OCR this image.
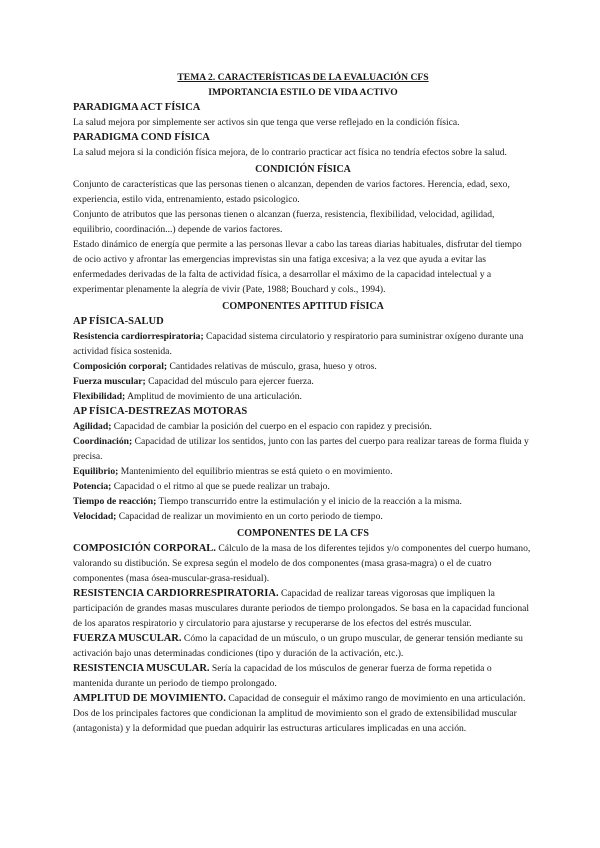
TEMA 2. CARACTERÍSTICAS DE LA EVALUACIÓN CFS
IMPORTANCIA ESTILO DE VIDA ACTIVO
PARADIGMA ACT FÍSICA

La salud mejora por simplemente ser activos sin que tenga que verse reflejado en la condición física.

PARADIGMA COND FÍSICA

La salud mejora si la condición física mejora, de lo contrario practicar act física no tendría efectos sobre la salud.

CONDICIÓN FÍSICA

Conjunto de características que las personas tienen o alcanzan, dependen de varios factores. Herencia, edad, sexo, experiencia, estilo vida, entrenamiento, estado psicologico.

Conjunto de atributos que las personas tienen o alcanzan (fuerza, resistencia, flexibilidad, velocidad, agilidad, equilibrio, coordinación...) depende de varios factores.

Estado dinámico de energía que permite a las personas llevar a cabo las tareas diarias habituales, disfrutar del tiempo de ocio activo y afrontar las emergencias imprevistas sin una fatiga excesiva; a la vez que ayuda a evitar las enfermedades derivadas de la falta de actividad física, a desarrollar el máximo de la capacidad intelectual y a experimentar plenamente la alegría de vivir (Pate, 1988; Bouchard y cols., 1994).

COMPONENTES APTITUD FÍSICA
AP FÍSICA-SALUD

Resistencia cardiorrespiratoria; Capacidad sistema circulatorio y respiratorio para suministrar oxígeno durante una actividad física sostenida.

Composición corporal; Cantidades relativas de músculo, grasa, hueso y otros.

Fuerza muscular; Capacidad del músculo para ejercer fuerza.

Flexibilidad; Amplitud de movimiento de una articulación.

AP FÍSICA-DESTREZAS MOTORAS

Agilidad; Capacidad de cambiar la posición del cuerpo en el espacio con rapidez y precisión.

Coordinación; Capacidad de utilizar los sentidos, junto con las partes del cuerpo para realizar tareas de forma fluida y precisa.

Equilibrio; Mantenimiento del equilibrio mientras se está quieto o en movimiento.

Potencia; Capacidad o el ritmo al que se puede realizar un trabajo.

Tiempo de reacción; Tiempo transcurrido entre la estimulación y el inicio de la reacción a la misma.

Velocidad; Capacidad de realizar un movimiento en un corto periodo de tiempo.

COMPONENTES DE LA CFS

COMPOSICIÓN CORPORAL. Cálculo de la masa de los diferentes tejidos y/o componentes del cuerpo humano, valorando su distibución. Se expresa según el modelo de dos componentes (masa grasa-magra) o el de cuatro componentes (masa ósea-muscular-grasa-residual).

RESISTENCIA CARDIORRESPIRATORIA. Capacidad de realizar tareas vigorosas que impliquen la participación de grandes masas musculares durante periodos de tiempo prolongados. Se basa en la capacidad funcional de los aparatos respiratorio y circulatorio para ajustarse y recuperarse de los efectos del estrés muscular.

FUERZA MUSCULAR. Cómo la capacidad de un músculo, o un grupo muscular, de generar tensión mediante su activación bajo unas determinadas condiciones (tipo y duración de la activación, etc.).

RESISTENCIA MUSCULAR. Sería la capacidad de los músculos de generar fuerza de forma repetida o mantenida durante un periodo de tiempo prolongado.

AMPLITUD DE MOVIMIENTO. Capacidad de conseguir el máximo rango de movimiento en una articulación. Dos de los principales factores que condicionan la amplitud de movimiento son el grado de extensibilidad muscular (antagonista) y la deformidad que puedan adquirir las estructuras articulares implicadas en una acción.
